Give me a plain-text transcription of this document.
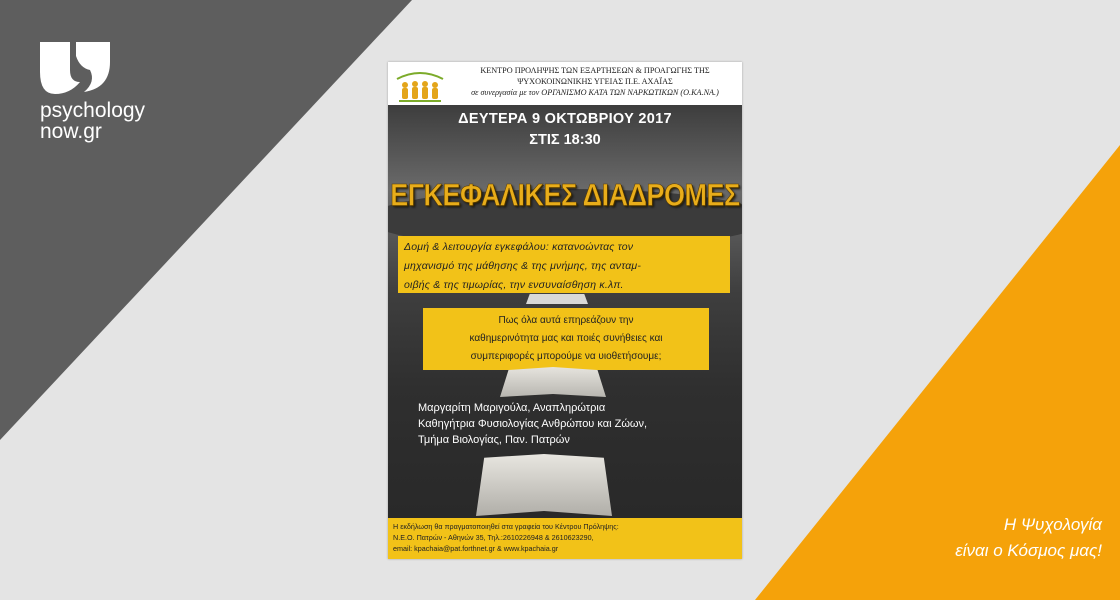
psychology
now.gr
Η Ψυχολογία
είναι ο Κόσμος μας!
ΚΕΝΤΡΟ ΠΡΟΛΗΨΗΣ ΤΩΝ ΕΞΑΡΤΗΣΕΩΝ & ΠΡΟΑΓΩΓΗΣ ΤΗΣ
ΨΥΧΟΚΟΙΝΩΝΙΚΗΣ ΥΓΕΙΑΣ Π.Ε. ΑΧΑΪΑΣ
σε συνεργασία με τον ΟΡΓΑΝΙΣΜΟ ΚΑΤΑ ΤΩΝ ΝΑΡΚΩΤΙΚΩΝ (Ο.ΚΑ.ΝΑ.)
ΔΕΥΤΕΡΑ 9 ΟΚΤΩΒΡΙΟΥ 2017
ΣΤΙΣ 18:30
ΕΓΚΕΦΑΛΙΚΕΣ ΔΙΑΔΡΟΜΕΣ
Δομή & λειτουργία εγκεφάλου: κατανοώντας τον
μηχανισμό της μάθησης & της μνήμης, της ανταμ-
οιβής & της τιμωρίας, την ενσυναίσθηση κ.λπ.
Πως όλα αυτά επηρεάζουν την
καθημερινότητα μας και ποιές συνήθειες και
συμπεριφορές μπορούμε να υιοθετήσουμε;
Μαργαρίτη Μαριγούλα, Αναπληρώτρια
Καθηγήτρια Φυσιολογίας Ανθρώπου και Ζώων,
Τμήμα Βιολογίας, Παν. Πατρών
Η εκδήλωση θα πραγματοποιηθεί στα γραφεία του Κέντρου Πρόληψης:
Ν.Ε.Ο. Πατρών - Αθηνών 35, Τηλ.:2610226948 & 2610623290,
email: kpachaia@pat.forthnet.gr & www.kpachaia.gr
